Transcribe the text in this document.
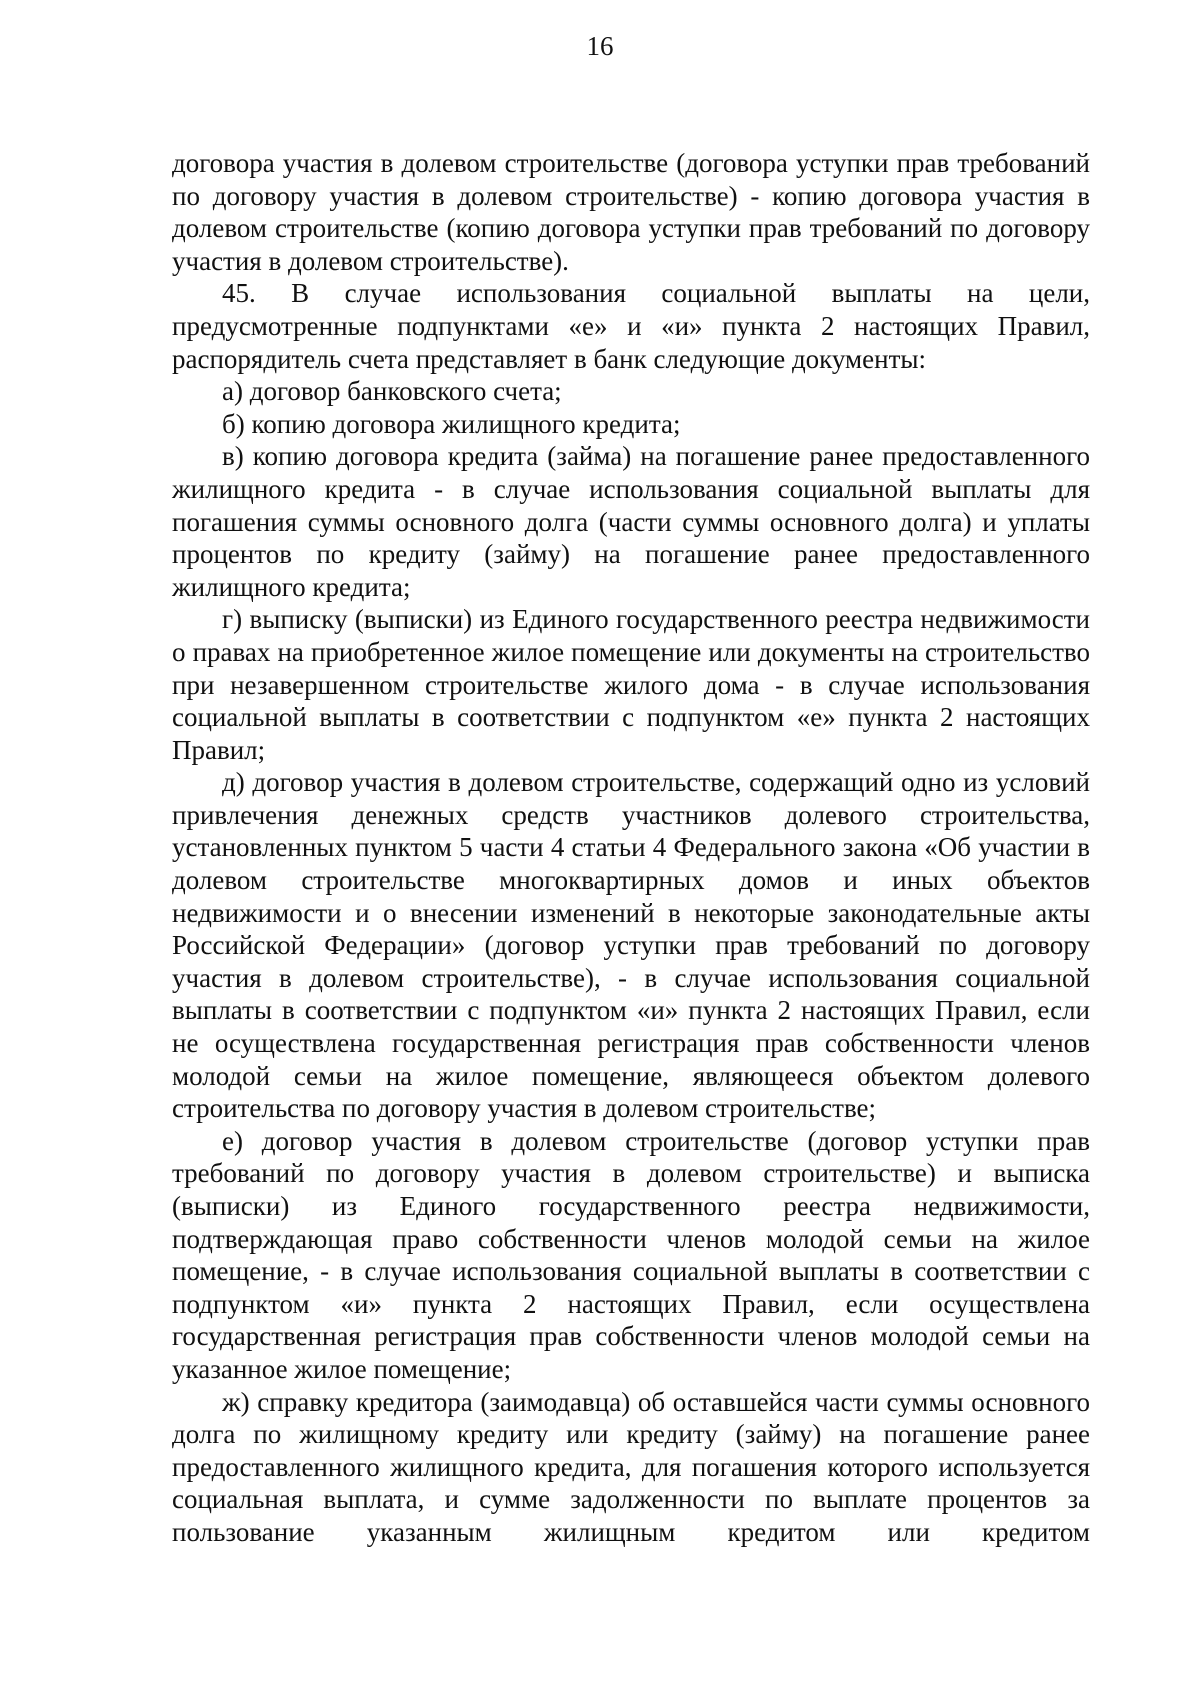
16

договора участия в долевом строительстве (договора уступки прав требований по договору участия в долевом строительстве) - копию договора участия в долевом строительстве (копию договора уступки прав требований по договору участия в долевом строительстве).

45. В случае использования социальной выплаты на цели, предусмотренные подпунктами «е» и «и» пункта 2 настоящих Правил, распорядитель счета представляет в банк следующие документы:

а) договор банковского счета;

б) копию договора жилищного кредита;

в) копию договора кредита (займа) на погашение ранее предоставленного жилищного кредита - в случае использования социальной выплаты для погашения суммы основного долга (части суммы основного долга) и уплаты процентов по кредиту (займу) на погашение ранее предоставленного жилищного кредита;

г) выписку (выписки) из Единого государственного реестра недвижимости о правах на приобретенное жилое помещение или документы на строительство при незавершенном строительстве жилого дома - в случае использования социальной выплаты в соответствии с подпунктом «е» пункта 2 настоящих Правил;

д) договор участия в долевом строительстве, содержащий одно из условий привлечения денежных средств участников долевого строительства, установленных пунктом 5 части 4 статьи 4 Федерального закона «Об участии в долевом строительстве многоквартирных домов и иных объектов недвижимости и о внесении изменений в некоторые законодательные акты Российской Федерации» (договор уступки прав требований по договору участия в долевом строительстве), - в случае использования социальной выплаты в соответствии с подпунктом «и» пункта 2 настоящих Правил, если не осуществлена государственная регистрация прав собственности членов молодой семьи на жилое помещение, являющееся объектом долевого строительства по договору участия в долевом строительстве;

е) договор участия в долевом строительстве (договор уступки прав требований по договору участия в долевом строительстве) и выписка (выписки) из Единого государственного реестра недвижимости, подтверждающая право собственности членов молодой семьи на жилое помещение, - в случае использования социальной выплаты в соответствии с подпунктом «и» пункта 2 настоящих Правил, если осуществлена государственная регистрация прав собственности членов молодой семьи на указанное жилое помещение;

ж) справку кредитора (заимодавца) об оставшейся части суммы основного долга по жилищному кредиту или кредиту (займу) на погашение ранее предоставленного жилищного кредита, для погашения которого используется социальная выплата, и сумме задолженности по выплате процентов за пользование указанным жилищным кредитом или кредитом
